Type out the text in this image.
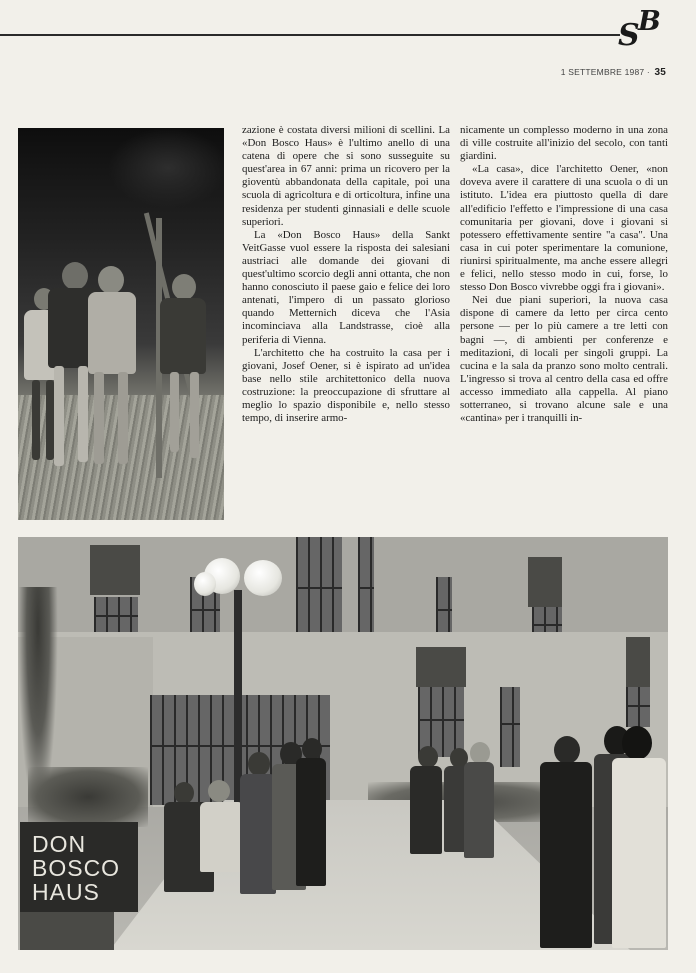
S
B
1 SETTEMBRE 1987 · 35

zazione è costata diversi milioni di scellini. La «Don Bosco Haus» è l'ultimo anello di una catena di opere che si sono susseguite su quest'area in 67 anni: prima un ricovero per la gioventù abbandonata della capitale, poi una scuola di agricoltura e di orticoltura, infine una residenza per studenti ginnasiali e delle scuole superiori.

La «Don Bosco Haus» della Sankt VeitGasse vuol essere la risposta dei salesiani austriaci alle domande dei giovani di quest'ultimo scorcio degli anni ottanta, che non hanno conosciuto il paese gaio e felice dei loro antenati, l'impero di un passato glorioso quando Metternich diceva che l'Asia incominciava alla Landstrasse, cioè alla periferia di Vienna.

L'architetto che ha costruito la casa per i giovani, Josef Oener, si è ispirato ad un'idea base nello stile architettonico della nuova costruzione: la preoccupazione di sfruttare al meglio lo spazio disponibile e, nello stesso tempo, di inserire armo-

nicamente un complesso moderno in una zona di ville costruite all'inizio del secolo, con tanti giardini.

«La casa», dice l'architetto Oener, «non doveva avere il carattere di una scuola o di un istituto. L'idea era piuttosto quella di dare all'edificio l'effetto e l'impressione di una casa comunitaria per giovani, dove i giovani si potessero effettivamente sentire "a casa". Una casa in cui poter sperimentare la comunione, riunirsi spiritualmente, ma anche essere allegri e felici, nello stesso modo in cui, forse, lo stesso Don Bosco vivrebbe oggi fra i giovani».

Nei due piani superiori, la nuova casa dispone di camere da letto per circa cento persone — per lo più camere a tre letti con bagni —, di ambienti per conferenze e meditazioni, di locali per singoli gruppi. La cucina e la sala da pranzo sono molto centrali. L'ingresso si trova al centro della casa ed offre accesso immediato alla cappella. Al piano sotterraneo, si trovano alcune sale e una «cantina» per i tranquilli in-

DON
BOSCO
HAUS
